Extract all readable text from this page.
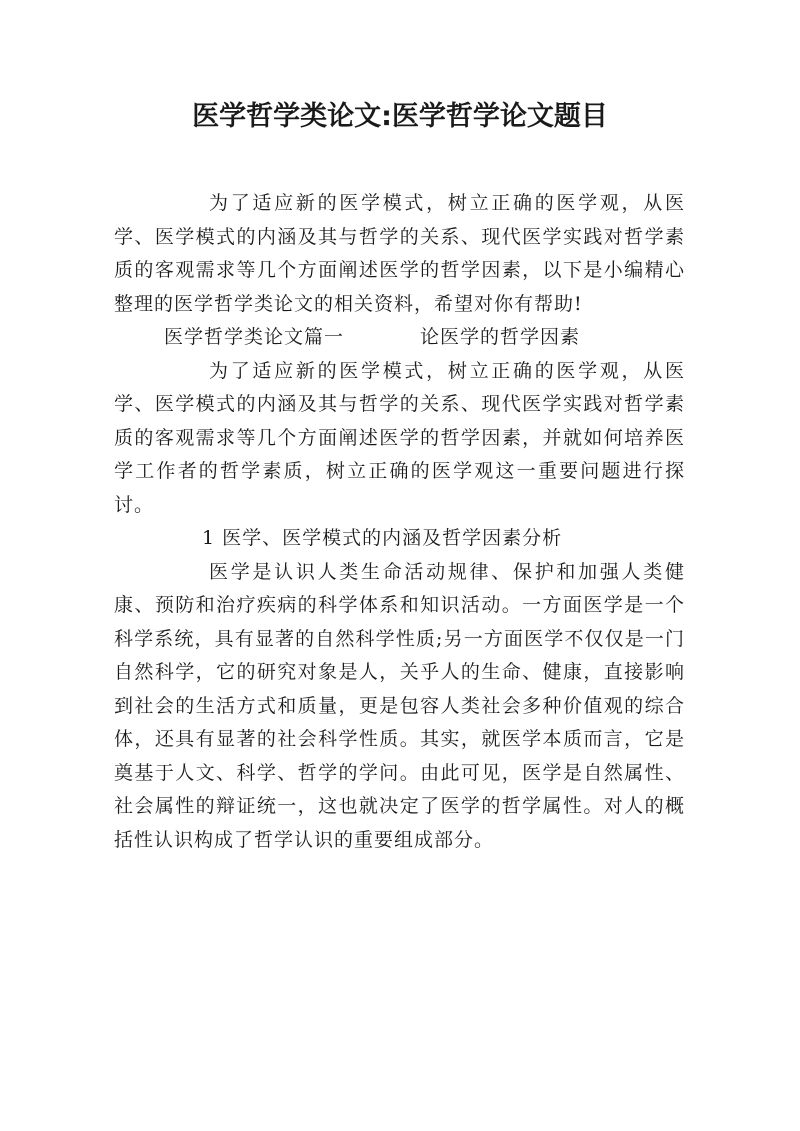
医学哲学类论文:医学哲学论文题目

为了适应新的医学模式，树立正确的医学观，从医学、医学模式的内涵及其与哲学的关系、现代医学实践对哲学素质的客观需求等几个方面阐述医学的哲学因素，以下是小编精心整理的医学哲学类论文的相关资料，希望对你有帮助!

医学哲学类论文篇一	论医学的哲学因素

为了适应新的医学模式，树立正确的医学观，从医学、医学模式的内涵及其与哲学的关系、现代医学实践对哲学素质的客观需求等几个方面阐述医学的哲学因素，并就如何培养医学工作者的哲学素质，树立正确的医学观这一重要问题进行探讨。

1 医学、医学模式的内涵及哲学因素分析

医学是认识人类生命活动规律、保护和加强人类健康、预防和治疗疾病的科学体系和知识活动。一方面医学是一个科学系统，具有显著的自然科学性质;另一方面医学不仅仅是一门自然科学，它的研究对象是人，关乎人的生命、健康，直接影响到社会的生活方式和质量，更是包容人类社会多种价值观的综合体，还具有显著的社会科学性质。其实，就医学本质而言，它是奠基于人文、科学、哲学的学问。由此可见，医学是自然属性、社会属性的辩证统一，这也就决定了医学的哲学属性。对人的概括性认识构成了哲学认识的重要组成部分。
